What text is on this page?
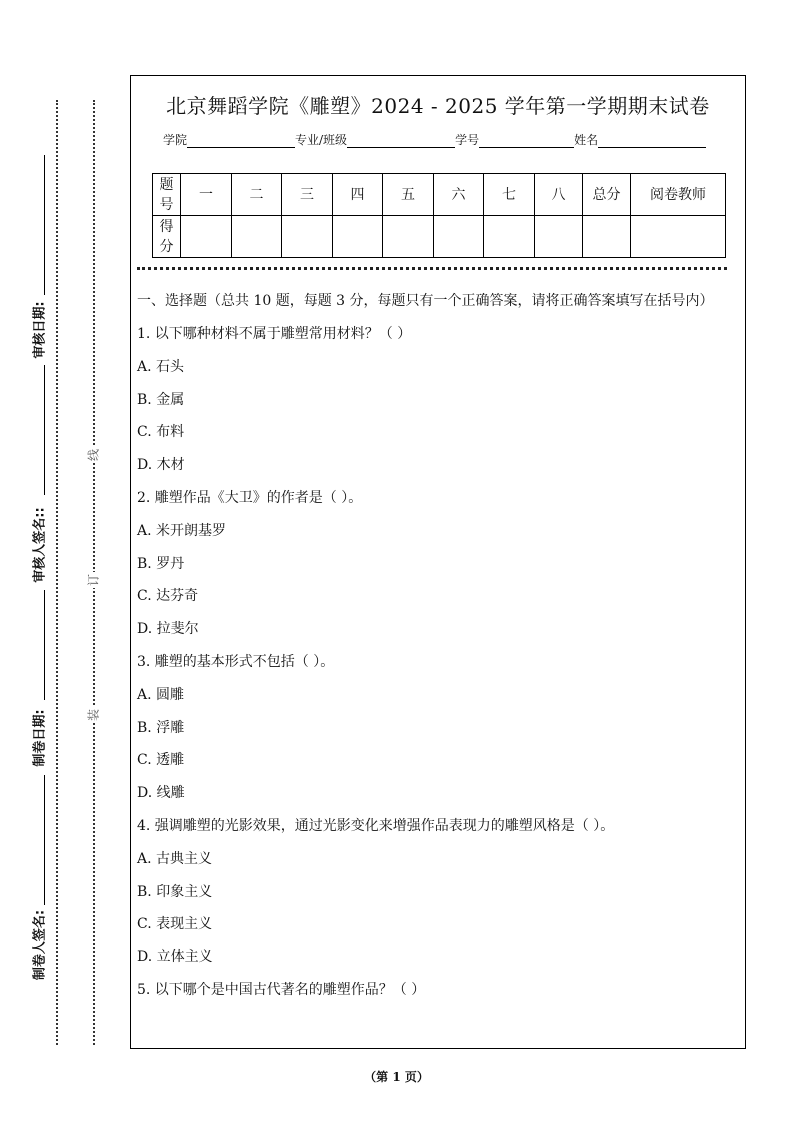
审核日期:
审核人签名::
制卷日期:
制卷人签名:
线
订
装
北京舞蹈学院《雕塑》2024 - 2025 学年第一学期期末试卷
学院	专业/班级	学号	姓名
题号	一	二	三	四	五	六	七	八	总分	阅卷教师
得分										
一、选择题（总共 10 题，每题 3 分，每题只有一个正确答案，请将正确答案填写在括号内）
1. 以下哪种材料不属于雕塑常用材料？（ ）
A. 石头
B. 金属
C. 布料
D. 木材
2. 雕塑作品《大卫》的作者是（ ）。
A. 米开朗基罗
B. 罗丹
C. 达芬奇
D. 拉斐尔
3. 雕塑的基本形式不包括（ ）。
A. 圆雕
B. 浮雕
C. 透雕
D. 线雕
4. 强调雕塑的光影效果，通过光影变化来增强作品表现力的雕塑风格是（ ）。
A. 古典主义
B. 印象主义
C. 表现主义
D. 立体主义
5. 以下哪个是中国古代著名的雕塑作品？（ ）
（第 1 页）
